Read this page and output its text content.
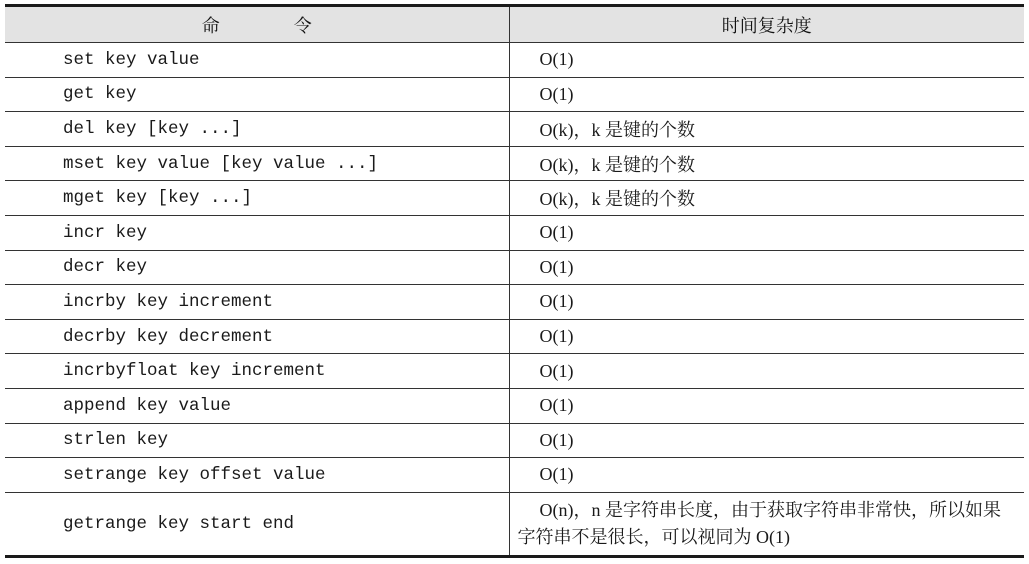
命　令	时间复杂度
set key value	O(1)
get key	O(1)
del key [key ...]	O(k)，k 是键的个数
mset key value [key value ...]	O(k)，k 是键的个数
mget key [key ...]	O(k)，k 是键的个数
incr key	O(1)
decr key	O(1)
incrby key increment	O(1)
decrby key decrement	O(1)
incrbyfloat key increment	O(1)
append key value	O(1)
strlen key	O(1)
setrange key offset value	O(1)
getrange key start end	O(n)，n 是字符串长度，由于获取字符串非常快，所以如果字符串不是很长，可以视同为 O(1)
